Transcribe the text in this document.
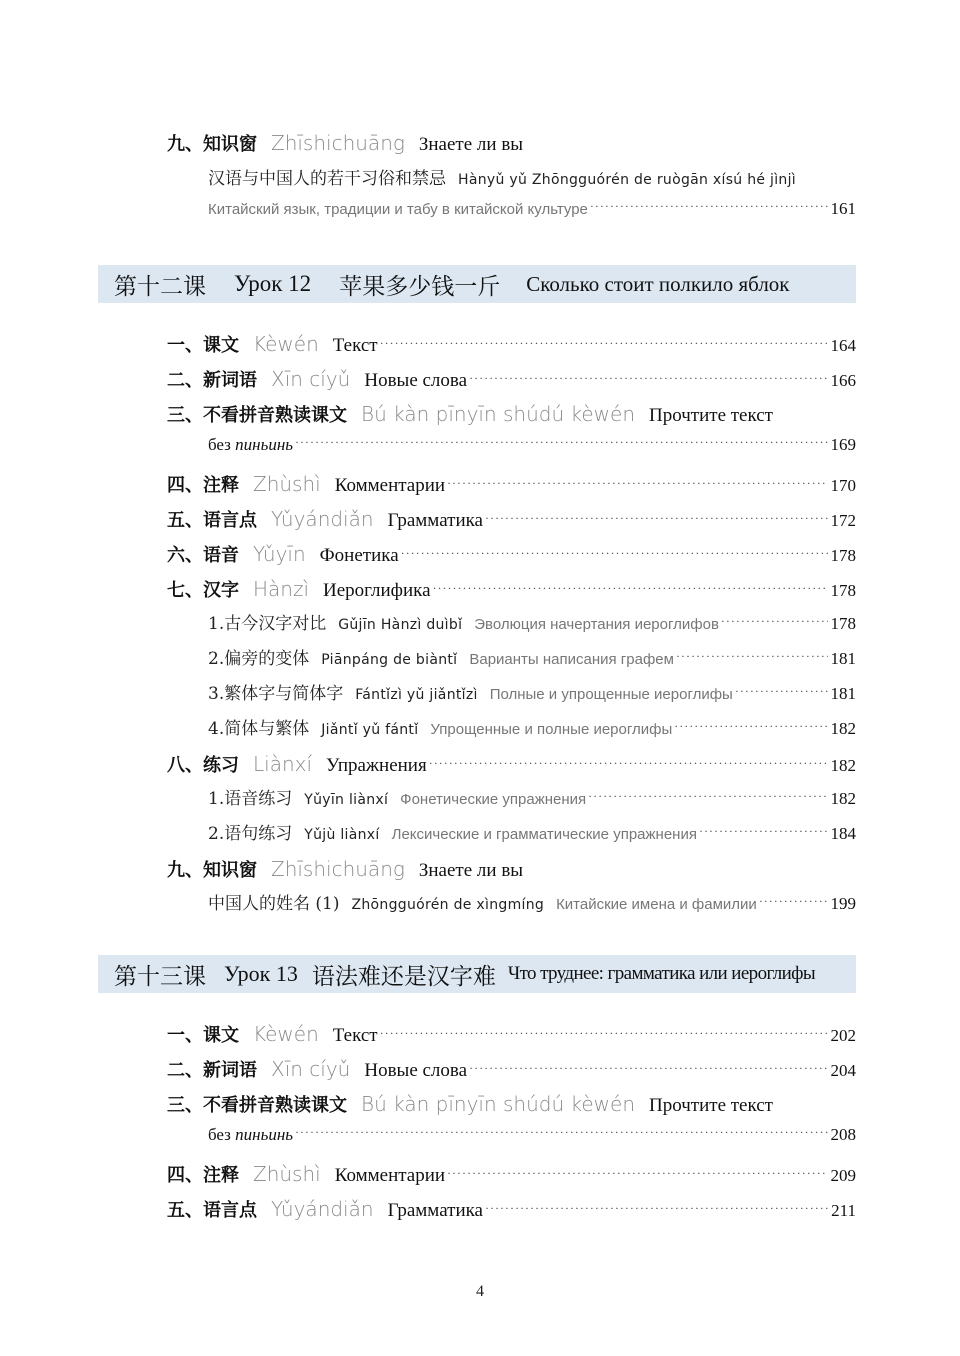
九、知识窗 Zhīshichuāng Знаете ли вы
汉语与中国人的若干习俗和禁忌 Hànyǔ yǔ Zhōngguórén de ruògān xísú hé jìnjì
Китайский язык, традиции и табу в китайской культуре ·····	161
第十二课 Урок 12 苹果多少钱一斤 Сколько стоит полкило яблок
一、课文 Kèwén Текст ·····	164
二、新词语 Xīn cíyǔ Новые слова ·····	166
三、不看拼音熟读课文 Bú kàn pīnyīn shúdú kèwén Прочтите текст
без пиньинь ·····	169
四、注释 Zhùshì Комментарии ·····	170
五、语言点 Yǔyándiǎn Грамматика ·····	172
六、语音 Yǔyīn Фонетика ·····	178
七、汉字 Hànzì Иероглифика ·····	178
1.古今汉字对比 Gǔjīn Hànzì duìbǐ Эволюция начертания иероглифов ·····	178
2.偏旁的变体 Piānpáng de biàntǐ Варианты написания графем ·····	181
3.繁体字与简体字 Fántǐzì yǔ jiǎntǐzì Полные и упрощенные иероглифы ·····	181
4.简体与繁体 Jiǎntǐ yǔ fántǐ Упрощенные и полные иероглифы ·····	182
八、练习 Liànxí Упражнения ·····	182
1.语音练习 Yǔyīn liànxí Фонетические упражнения ·····	182
2.语句练习 Yǔjù liànxí Лексические и грамматические упражнения ·····	184
九、知识窗 Zhīshichuāng Знаете ли вы
中国人的姓名 (1) Zhōngguórén de xìngmíng Китайские имена и фамилии ·····	199
第十三课 Урок 13 语法难还是汉字难 Что труднее: грамматика или иероглифы
一、课文 Kèwén Текст ·····	202
二、新词语 Xīn cíyǔ Новые слова ·····	204
三、不看拼音熟读课文 Bú kàn pīnyīn shúdú kèwén Прочтите текст
без пиньинь ·····	208
四、注释 Zhùshì Комментарии ·····	209
五、语言点 Yǔyándiǎn Грамматика ·····	211
4
